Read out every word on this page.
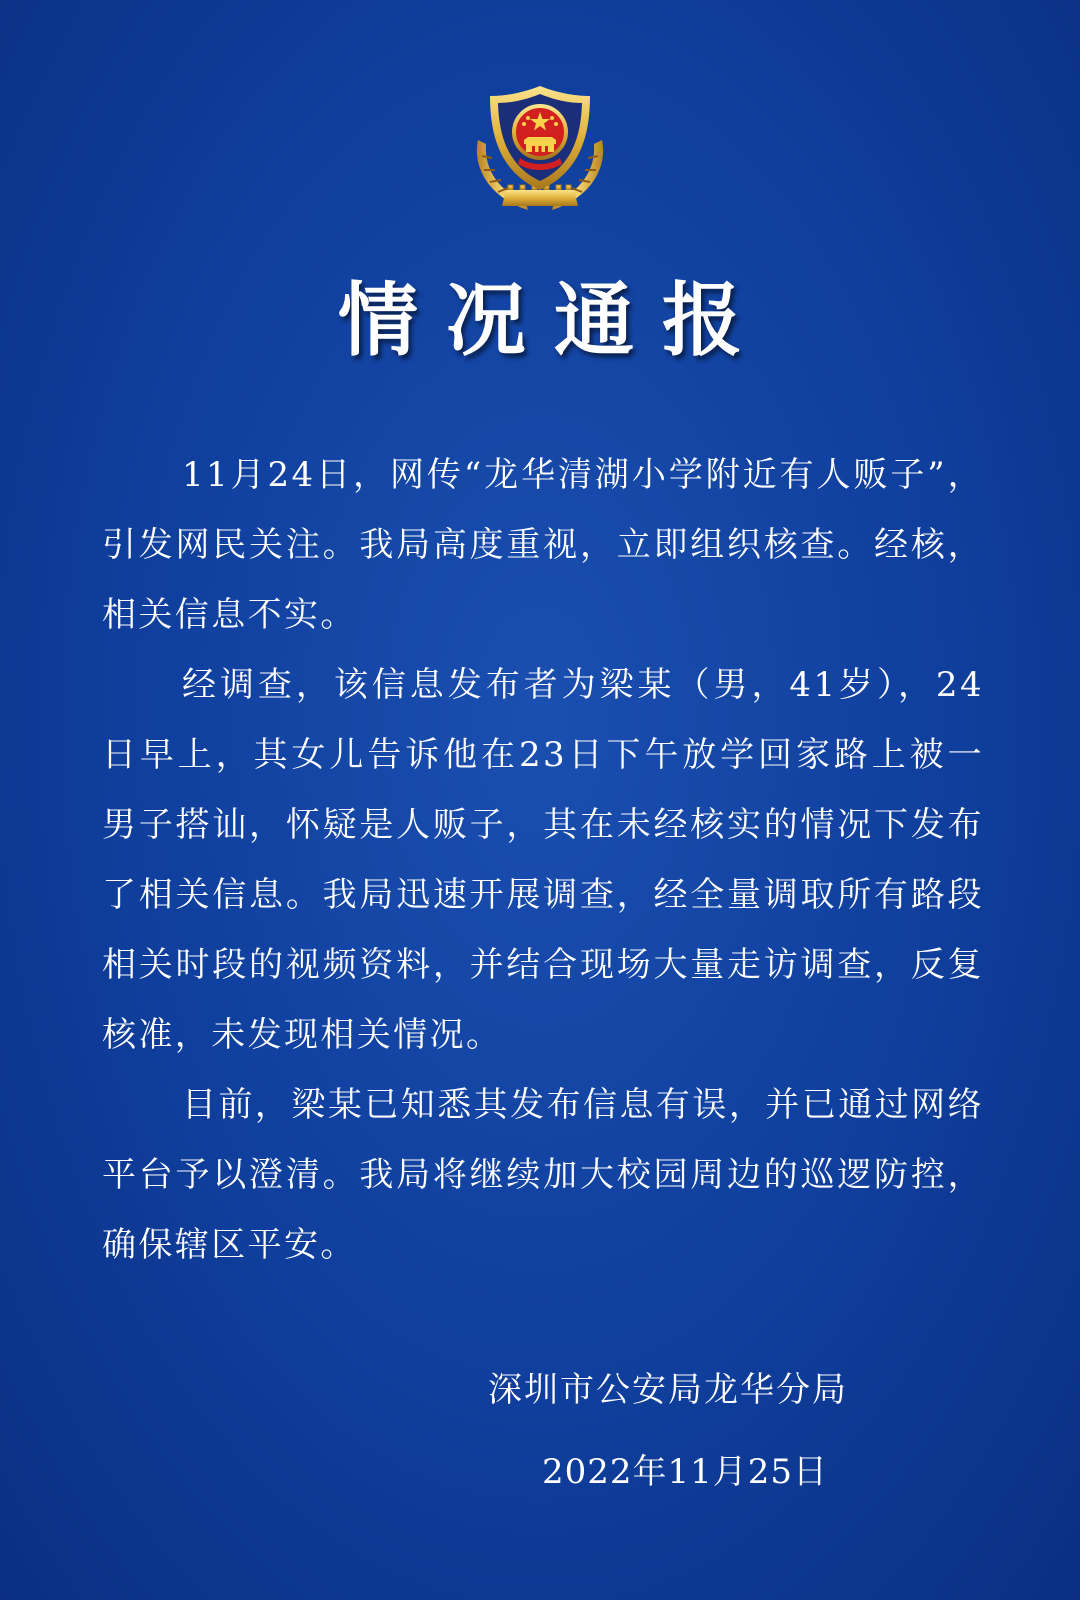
情况通报

11月24日，网传“龙华清湖小学附近有人贩子”，引发网民关注。我局高度重视，立即组织核查。经核，相关信息不实。

经调查，该信息发布者为梁某（男，41岁），24日早上，其女儿告诉他在23日下午放学回家路上被一男子搭讪，怀疑是人贩子，其在未经核实的情况下发布了相关信息。我局迅速开展调查，经全量调取所有路段相关时段的视频资料，并结合现场大量走访调查，反复核准，未发现相关情况。

目前，梁某已知悉其发布信息有误，并已通过网络平台予以澄清。我局将继续加大校园周边的巡逻防控，确保辖区平安。

深圳市公安局龙华分局
2022年11月25日
